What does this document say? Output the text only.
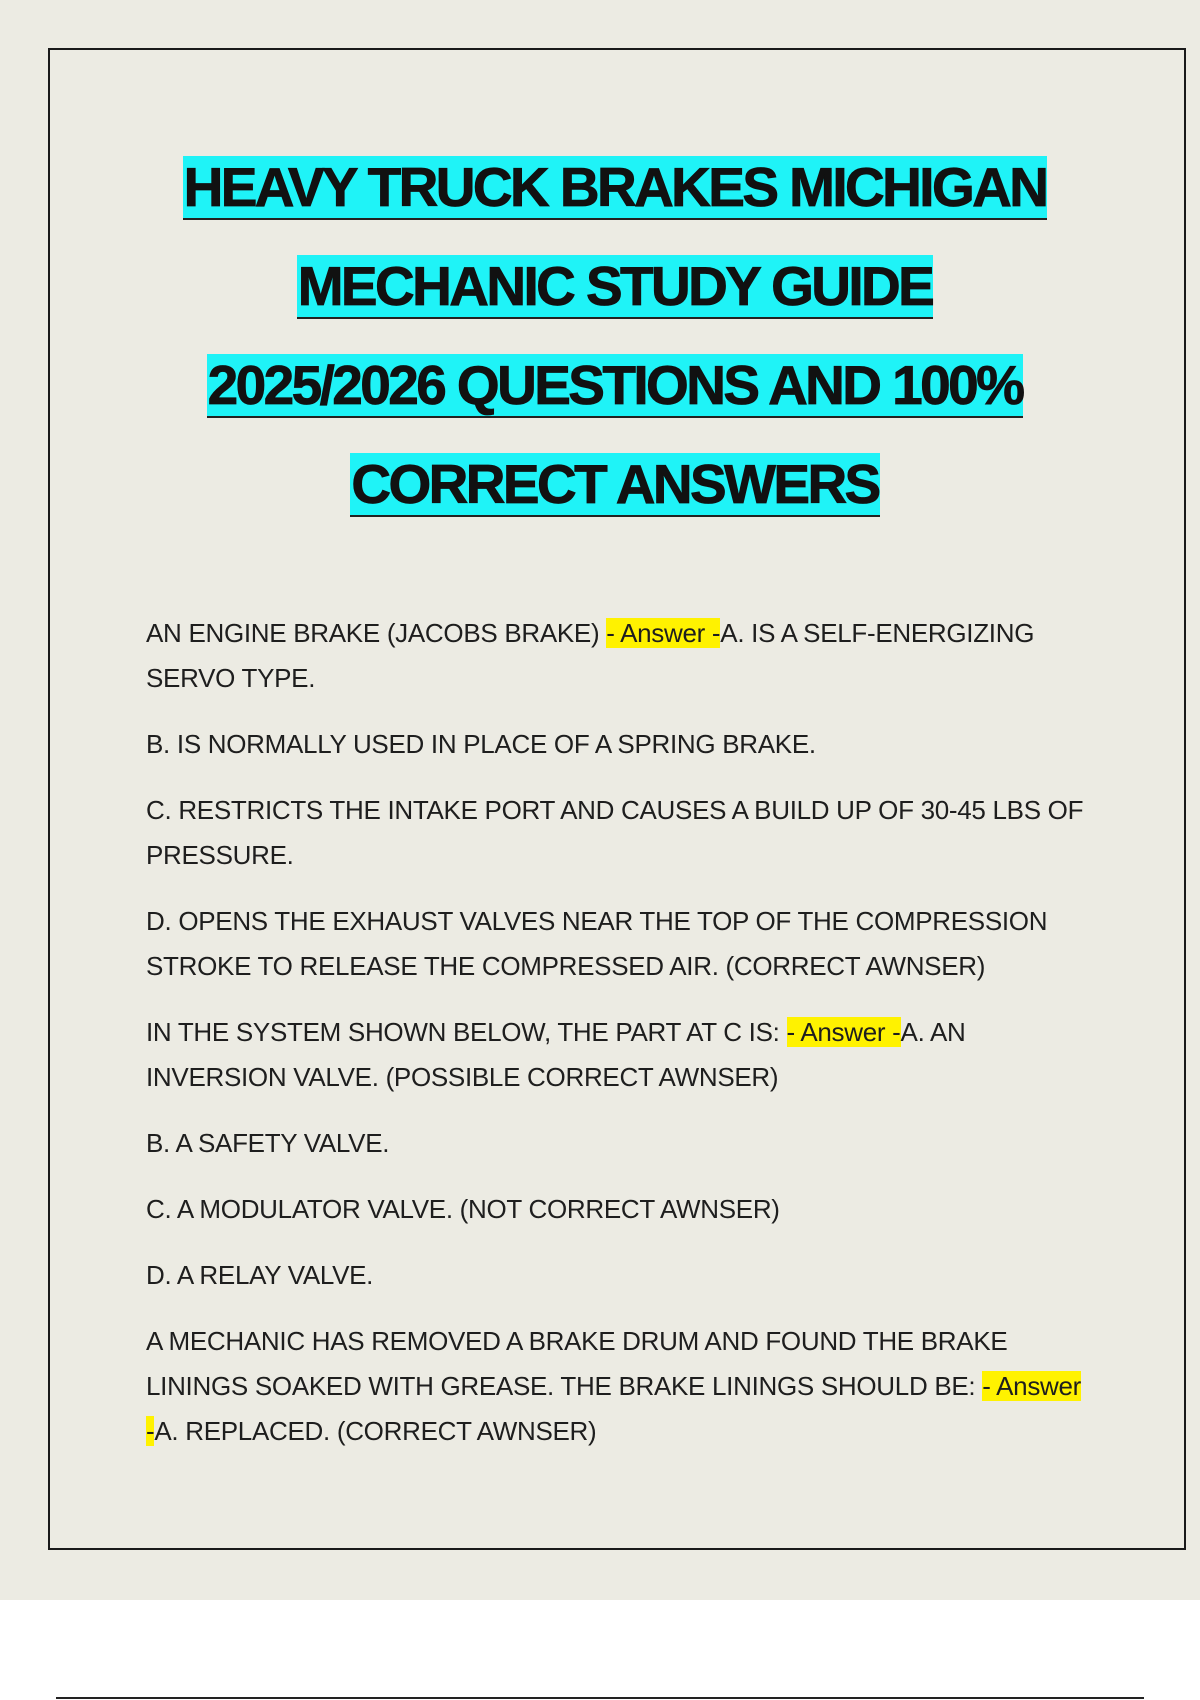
HEAVY TRUCK BRAKES MICHIGAN
MECHANIC STUDY GUIDE
2025/2026 QUESTIONS AND 100%
CORRECT ANSWERS

AN ENGINE BRAKE (JACOBS BRAKE) - Answer -A. IS A SELF-ENERGIZING SERVO TYPE.

B. IS NORMALLY USED IN PLACE OF A SPRING BRAKE.

C. RESTRICTS THE INTAKE PORT AND CAUSES A BUILD UP OF 30-45 LBS OF PRESSURE.

D. OPENS THE EXHAUST VALVES NEAR THE TOP OF THE COMPRESSION STROKE TO RELEASE THE COMPRESSED AIR. (CORRECT AWNSER)

IN THE SYSTEM SHOWN BELOW, THE PART AT C IS: - Answer -A. AN INVERSION VALVE. (POSSIBLE CORRECT AWNSER)

B. A SAFETY VALVE.

C. A MODULATOR VALVE. (NOT CORRECT AWNSER)

D. A RELAY VALVE.

A MECHANIC HAS REMOVED A BRAKE DRUM AND FOUND THE BRAKE LININGS SOAKED WITH GREASE. THE BRAKE LININGS SHOULD BE: - Answer -A. REPLACED. (CORRECT AWNSER)
